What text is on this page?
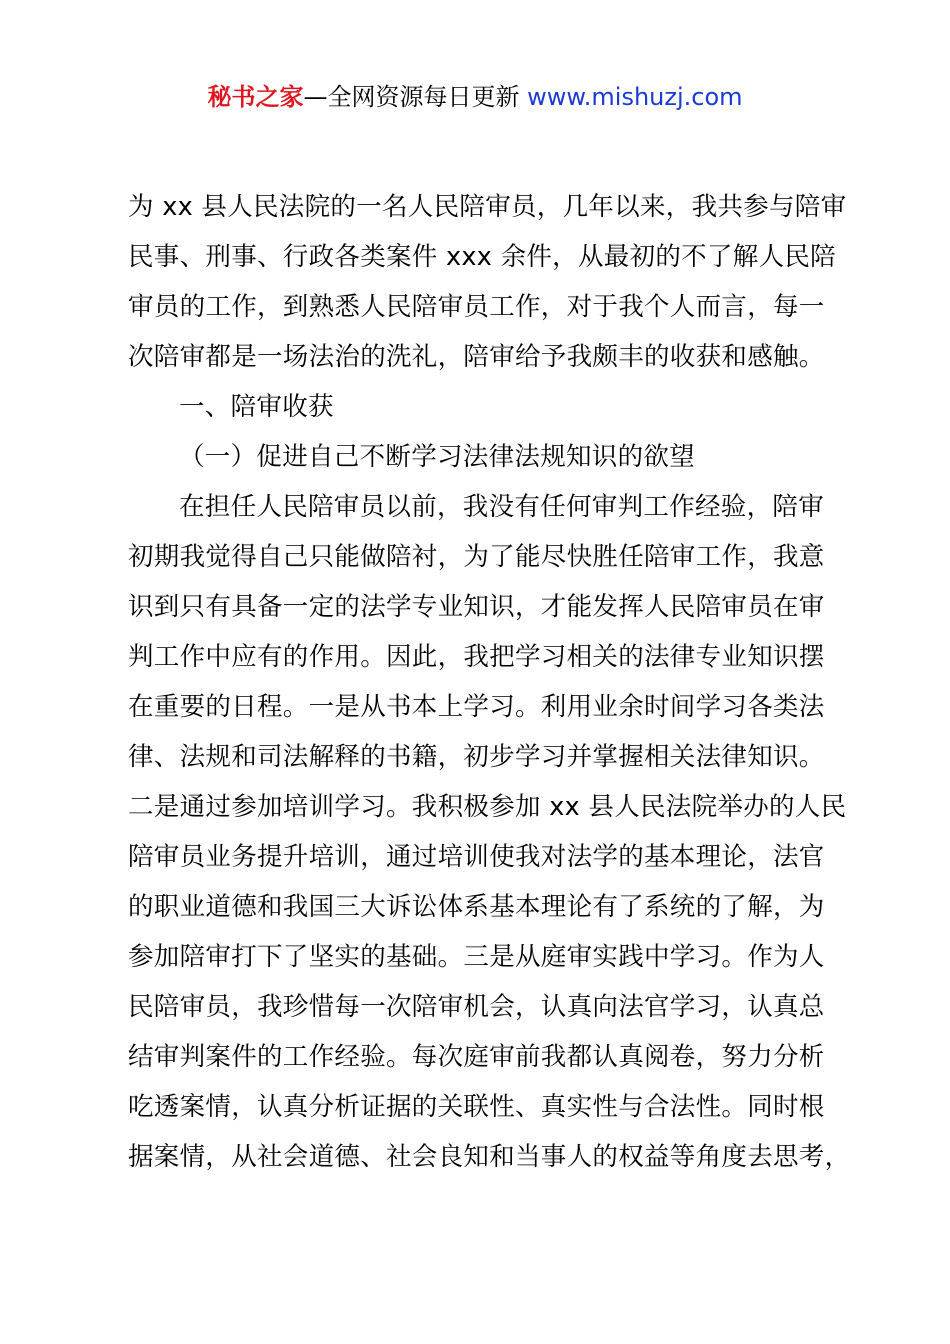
秘书之家—全网资源每日更新 www.mishuzj.com
为 xx 县人民法院的一名人民陪审员，几年以来，我共参与陪审
民事、刑事、行政各类案件 xxx 余件，从最初的不了解人民陪
审员的工作，到熟悉人民陪审员工作，对于我个人而言，每一
次陪审都是一场法治的洗礼，陪审给予我颇丰的收获和感触。
一、陪审收获
（一）促进自己不断学习法律法规知识的欲望
在担任人民陪审员以前，我没有任何审判工作经验，陪审
初期我觉得自己只能做陪衬，为了能尽快胜任陪审工作，我意
识到只有具备一定的法学专业知识，才能发挥人民陪审员在审
判工作中应有的作用。因此，我把学习相关的法律专业知识摆
在重要的日程。一是从书本上学习。利用业余时间学习各类法
律、法规和司法解释的书籍，初步学习并掌握相关法律知识。
二是通过参加培训学习。我积极参加 xx 县人民法院举办的人民
陪审员业务提升培训，通过培训使我对法学的基本理论，法官
的职业道德和我国三大诉讼体系基本理论有了系统的了解，为
参加陪审打下了坚实的基础。三是从庭审实践中学习。作为人
民陪审员，我珍惜每一次陪审机会，认真向法官学习，认真总
结审判案件的工作经验。每次庭审前我都认真阅卷，努力分析
吃透案情，认真分析证据的关联性、真实性与合法性。同时根
据案情，从社会道德、社会良知和当事人的权益等角度去思考，
